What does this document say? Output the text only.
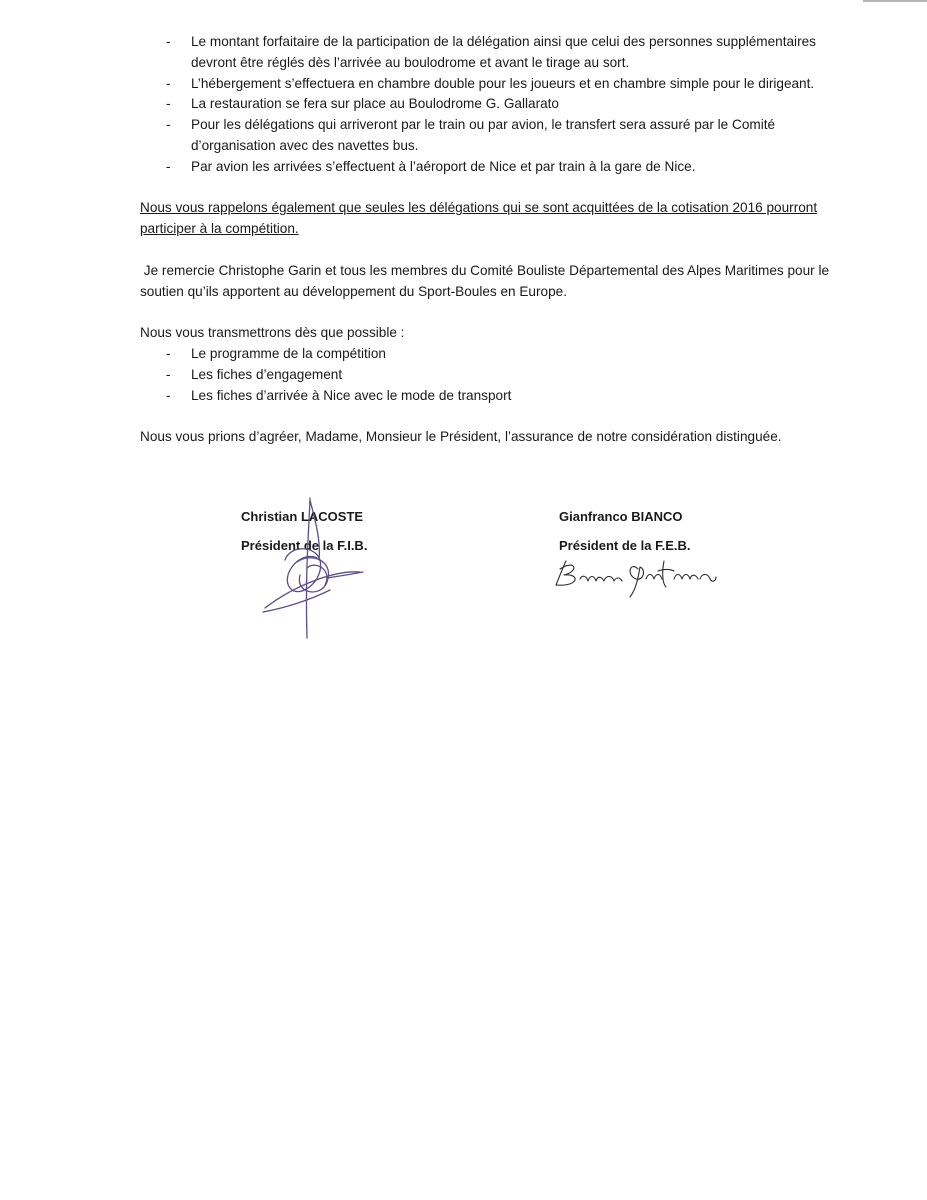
- Le montant forfaitaire de la participation de la délégation ainsi que celui des personnes supplémentaires devront être réglés dès l’arrivée au boulodrome et avant le tirage au sort.
- L’hébergement s’effectuera en chambre double pour les joueurs et en chambre simple pour le dirigeant.
- La restauration se fera sur place au Boulodrome G. Gallarato
- Pour les délégations qui arriveront par le train ou par avion, le transfert sera assuré par le Comité d’organisation avec des navettes bus.
- Par avion les arrivées s’effectuent à l’aéroport de Nice et par train à la gare de Nice.

Nous vous rappelons également que seules les délégations qui se sont acquittées de la cotisation 2016 pourront participer à la compétition.

Je remercie Christophe Garin et tous les membres du Comité Bouliste Départemental des Alpes Maritimes pour le soutien qu’ils apportent au développement du Sport-Boules en Europe.

Nous vous transmettrons dès que possible :

- Le programme de la compétition
- Les fiches d’engagement
- Les fiches d’arrivée à Nice avec le mode de transport

Nous vous prions d’agréer, Madame, Monsieur le Président, l’assurance de notre considération distinguée.

Christian LACOSTE
Président de la F.I.B.
Gianfranco BIANCO
Président de la F.E.B.
